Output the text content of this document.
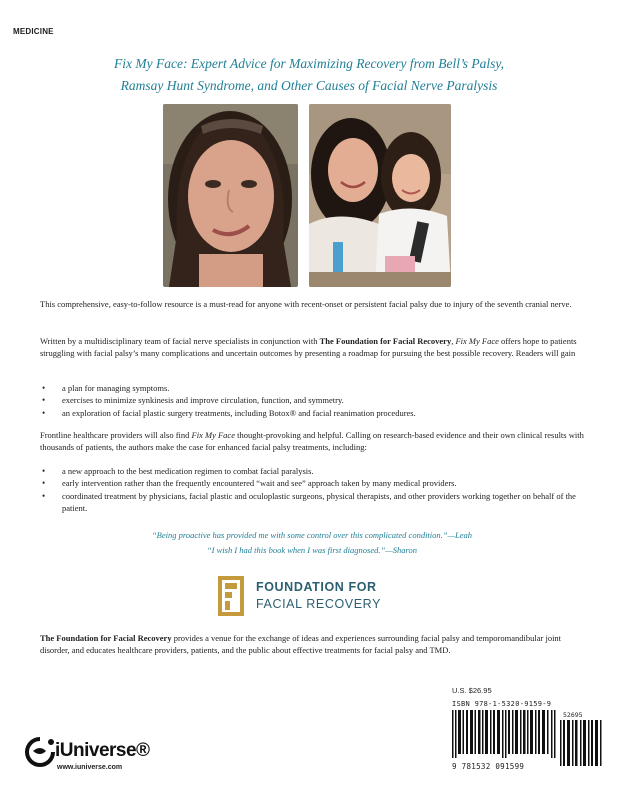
MEDICINE
Fix My Face: Expert Advice for Maximizing Recovery from Bell’s Palsy,
Ramsay Hunt Syndrome, and Other Causes of Facial Nerve Paralysis

This comprehensive, easy-to-follow resource is a must-read for anyone with recent-onset or persistent facial palsy due to injury of the seventh cranial nerve.

Written by a multidisciplinary team of facial nerve specialists in conjunction with The Foundation for Facial Recovery, Fix My Face offers hope to patients struggling with facial palsy’s many complications and uncertain outcomes by presenting a roadmap for pursuing the best possible recovery. Readers will gain

• a plan for managing symptoms.
• exercises to minimize synkinesis and improve circulation, function, and symmetry.
• an exploration of facial plastic surgery treatments, including Botox® and facial reanimation procedures.

Frontline healthcare providers will also find Fix My Face thought-provoking and helpful. Calling on research-based evidence and their own clinical results with thousands of patients, the authors make the case for enhanced facial palsy treatments, including:

• a new approach to the best medication regimen to combat facial paralysis.
• early intervention rather than the frequently encountered “wait and see” approach taken by many medical providers.
• coordinated treatment by physicians, facial plastic and oculoplastic surgeons, physical therapists, and other providers working together on behalf of the patient.
“Being proactive has provided me with some control over this complicated condition.”—Leah
“I wish I had this book when I was first diagnosed.”—Sharon
FOUNDATION FOR
FACIAL RECOVERY

The Foundation for Facial Recovery provides a venue for the exchange of ideas and experiences surrounding facial palsy and temporomandibular joint disorder, and educates healthcare providers, patients, and the public about effective treatments for facial palsy and TMD.

U.S. $26.95
ISBN 978-1-5320-9159-9
52695
9 781532 091599
iUniverse®
www.iuniverse.com
